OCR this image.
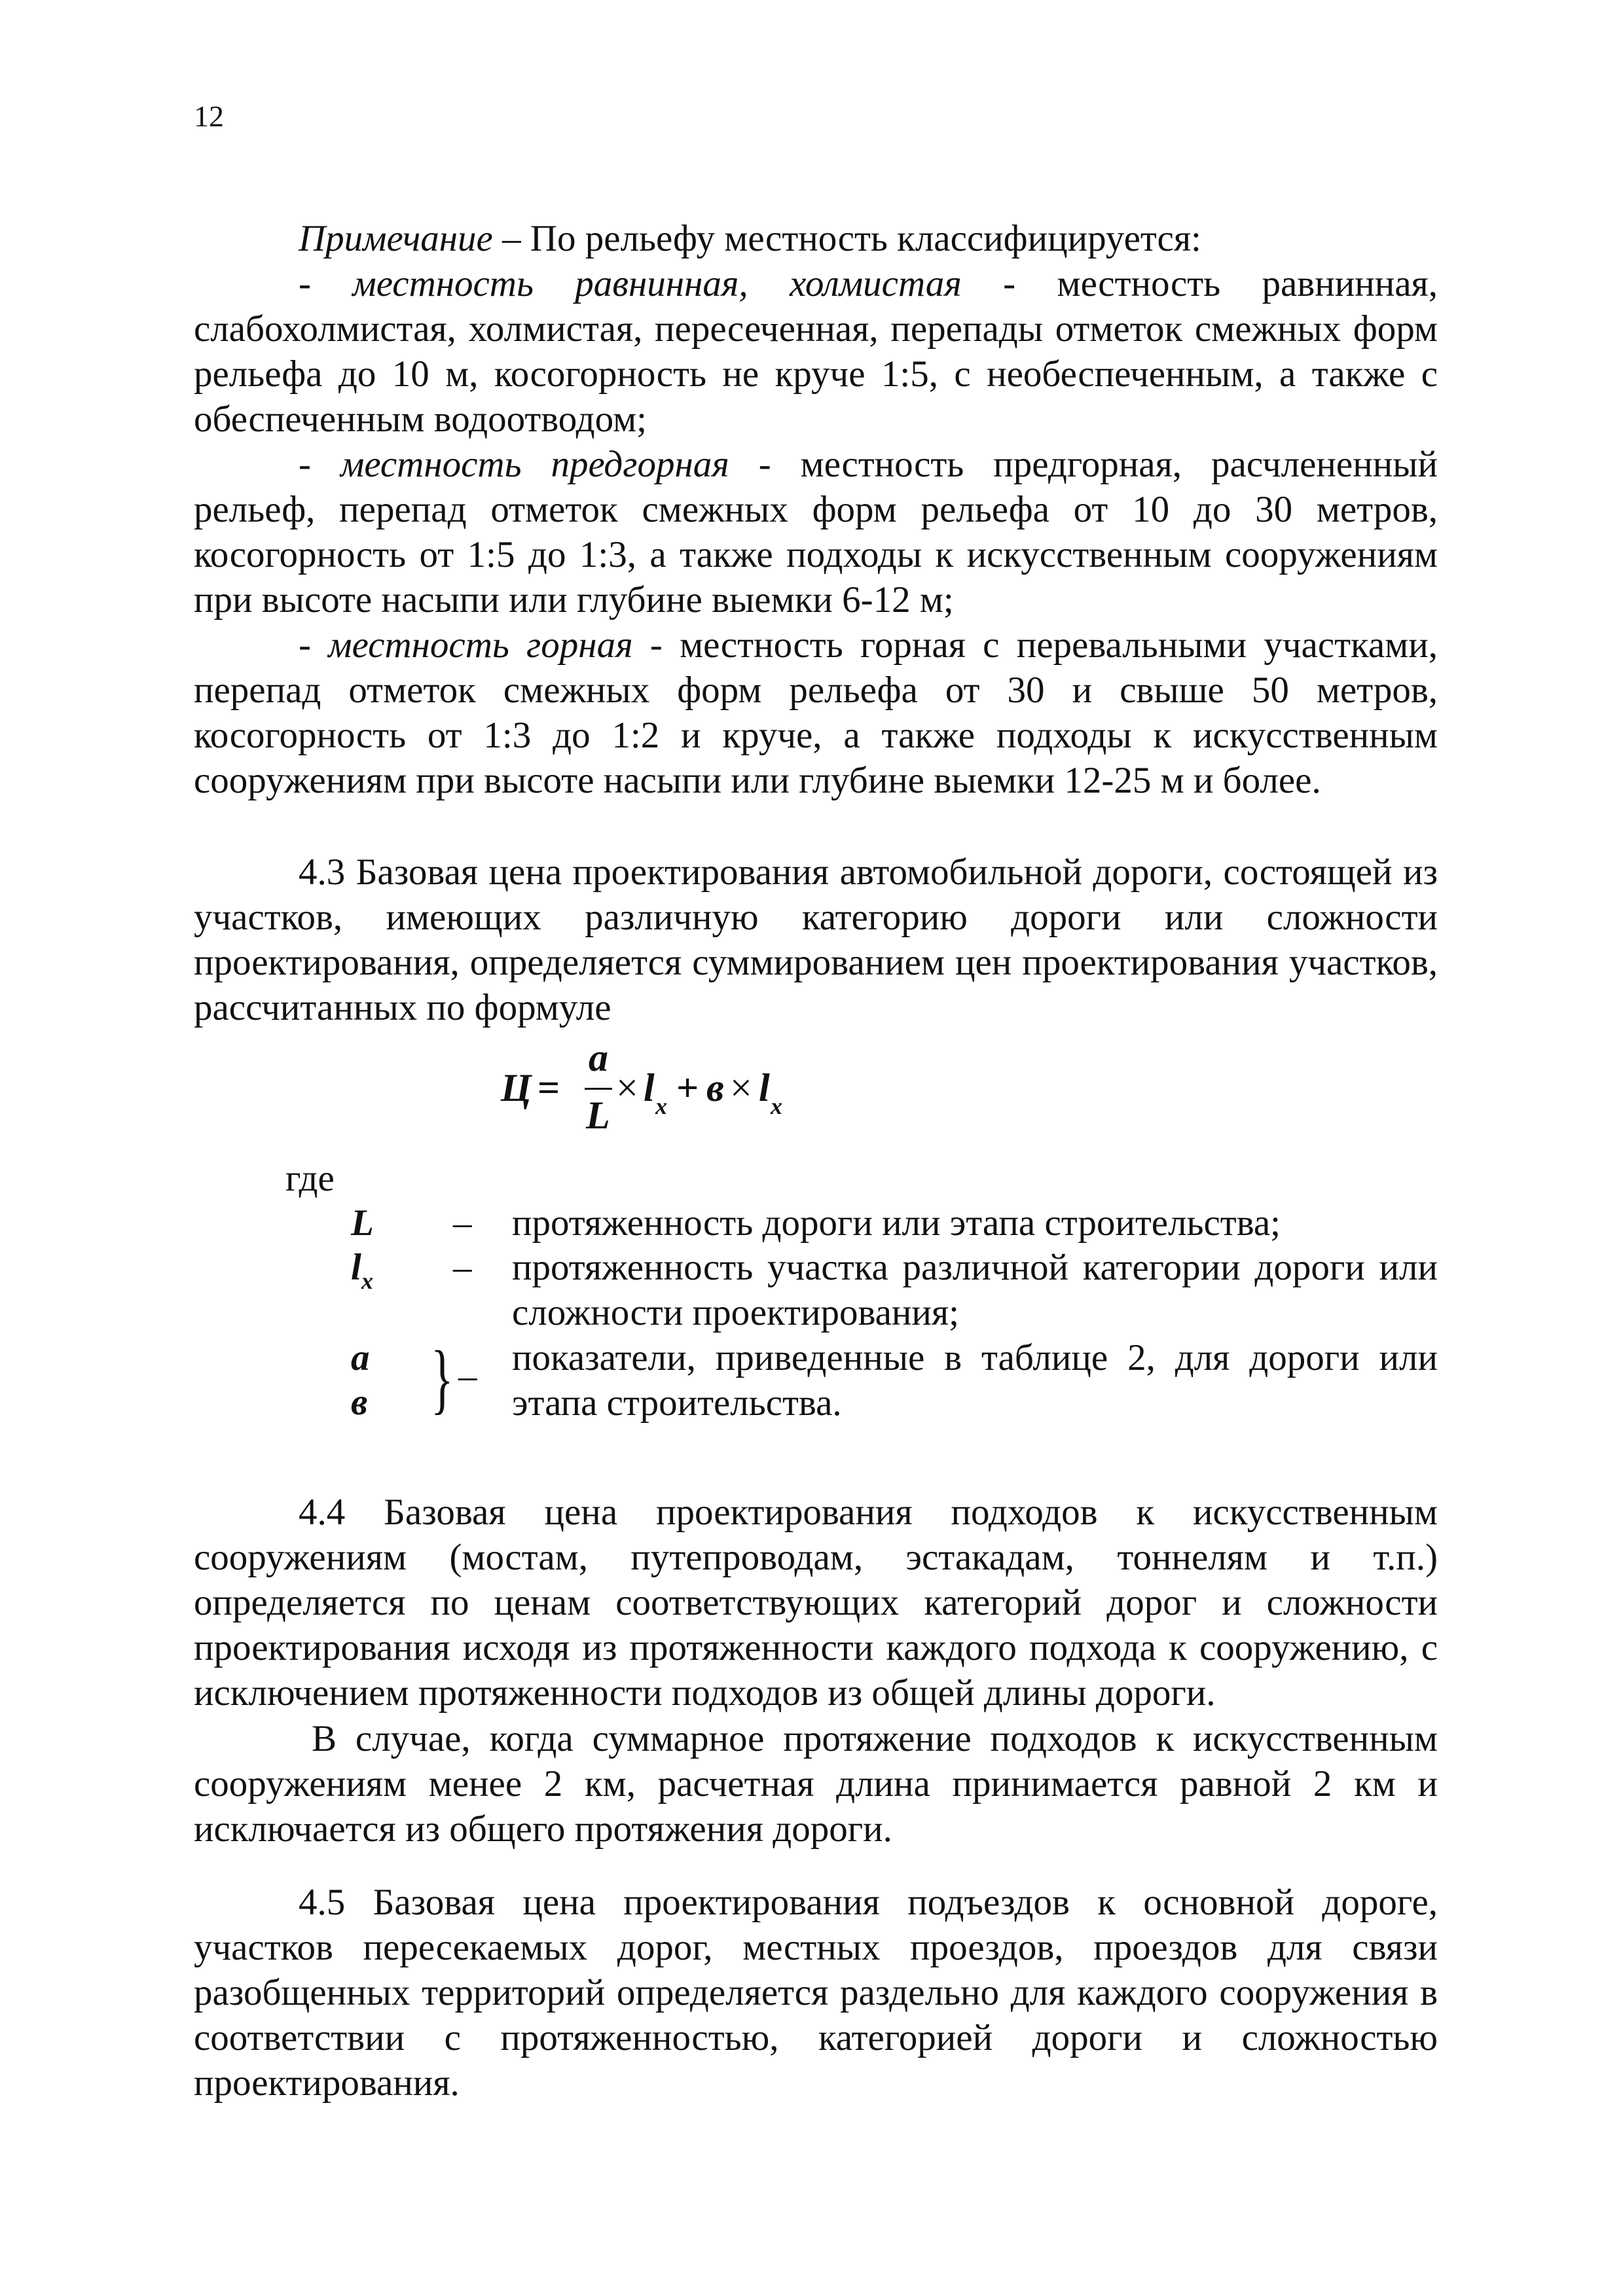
12

Примечание – По рельефу местность классифицируется:

- местность равнинная, холмистая - местность равнинная, слабохолмистая, холмистая, пересеченная, перепады отметок смежных форм рельефа до 10 м, косогорность не круче 1:5, с необеспеченным, а также с обеспеченным водоотводом;

- местность предгорная - местность предгорная, расчлененный рельеф, перепад отметок смежных форм рельефа от 10 до 30 метров, косогорность от 1:5 до 1:3, а также подходы к искусственным сооружениям при высоте насыпи или глубине выемки 6-12 м;

- местность горная - местность горная с перевальными участками, перепад отметок смежных форм рельефа от 30 и свыше 50 метров, косогорность от 1:3 до 1:2 и круче, а также подходы к искусственным сооружениям при высоте насыпи или глубине выемки 12-25 м и более.

4.3 Базовая цена проектирования автомобильной дороги, состоящей из участков, имеющих различную категорию дороги или сложности проектирования, определяется суммированием цен проектирования участков, рассчитанных по формуле

Ц =
а
L
× l x + в × l x
где
L – протяженность дороги или этапа строительства;
$l_x$ – протяженность участка различной категории дороги или сложности проектирования;
а
в } – показатели, приведенные в таблице 2, для дороги или этапа строительства.

4.4 Базовая цена проектирования подходов к искусственным сооружениям (мостам, путепроводам, эстакадам, тоннелям и т.п.) определяется по ценам соответствующих категорий дорог и сложности проектирования исходя из протяженности каждого подхода к сооружению, с исключением протяженности подходов из общей длины дороги.

В случае, когда суммарное протяжение подходов к искусственным сооружениям менее 2 км, расчетная длина принимается равной 2 км и исключается из общего протяжения дороги.

4.5 Базовая цена проектирования подъездов к основной дороге, участков пересекаемых дорог, местных проездов, проездов для связи разобщенных территорий определяется раздельно для каждого сооружения в соответствии с протяженностью, категорией дороги и сложностью проектирования.
